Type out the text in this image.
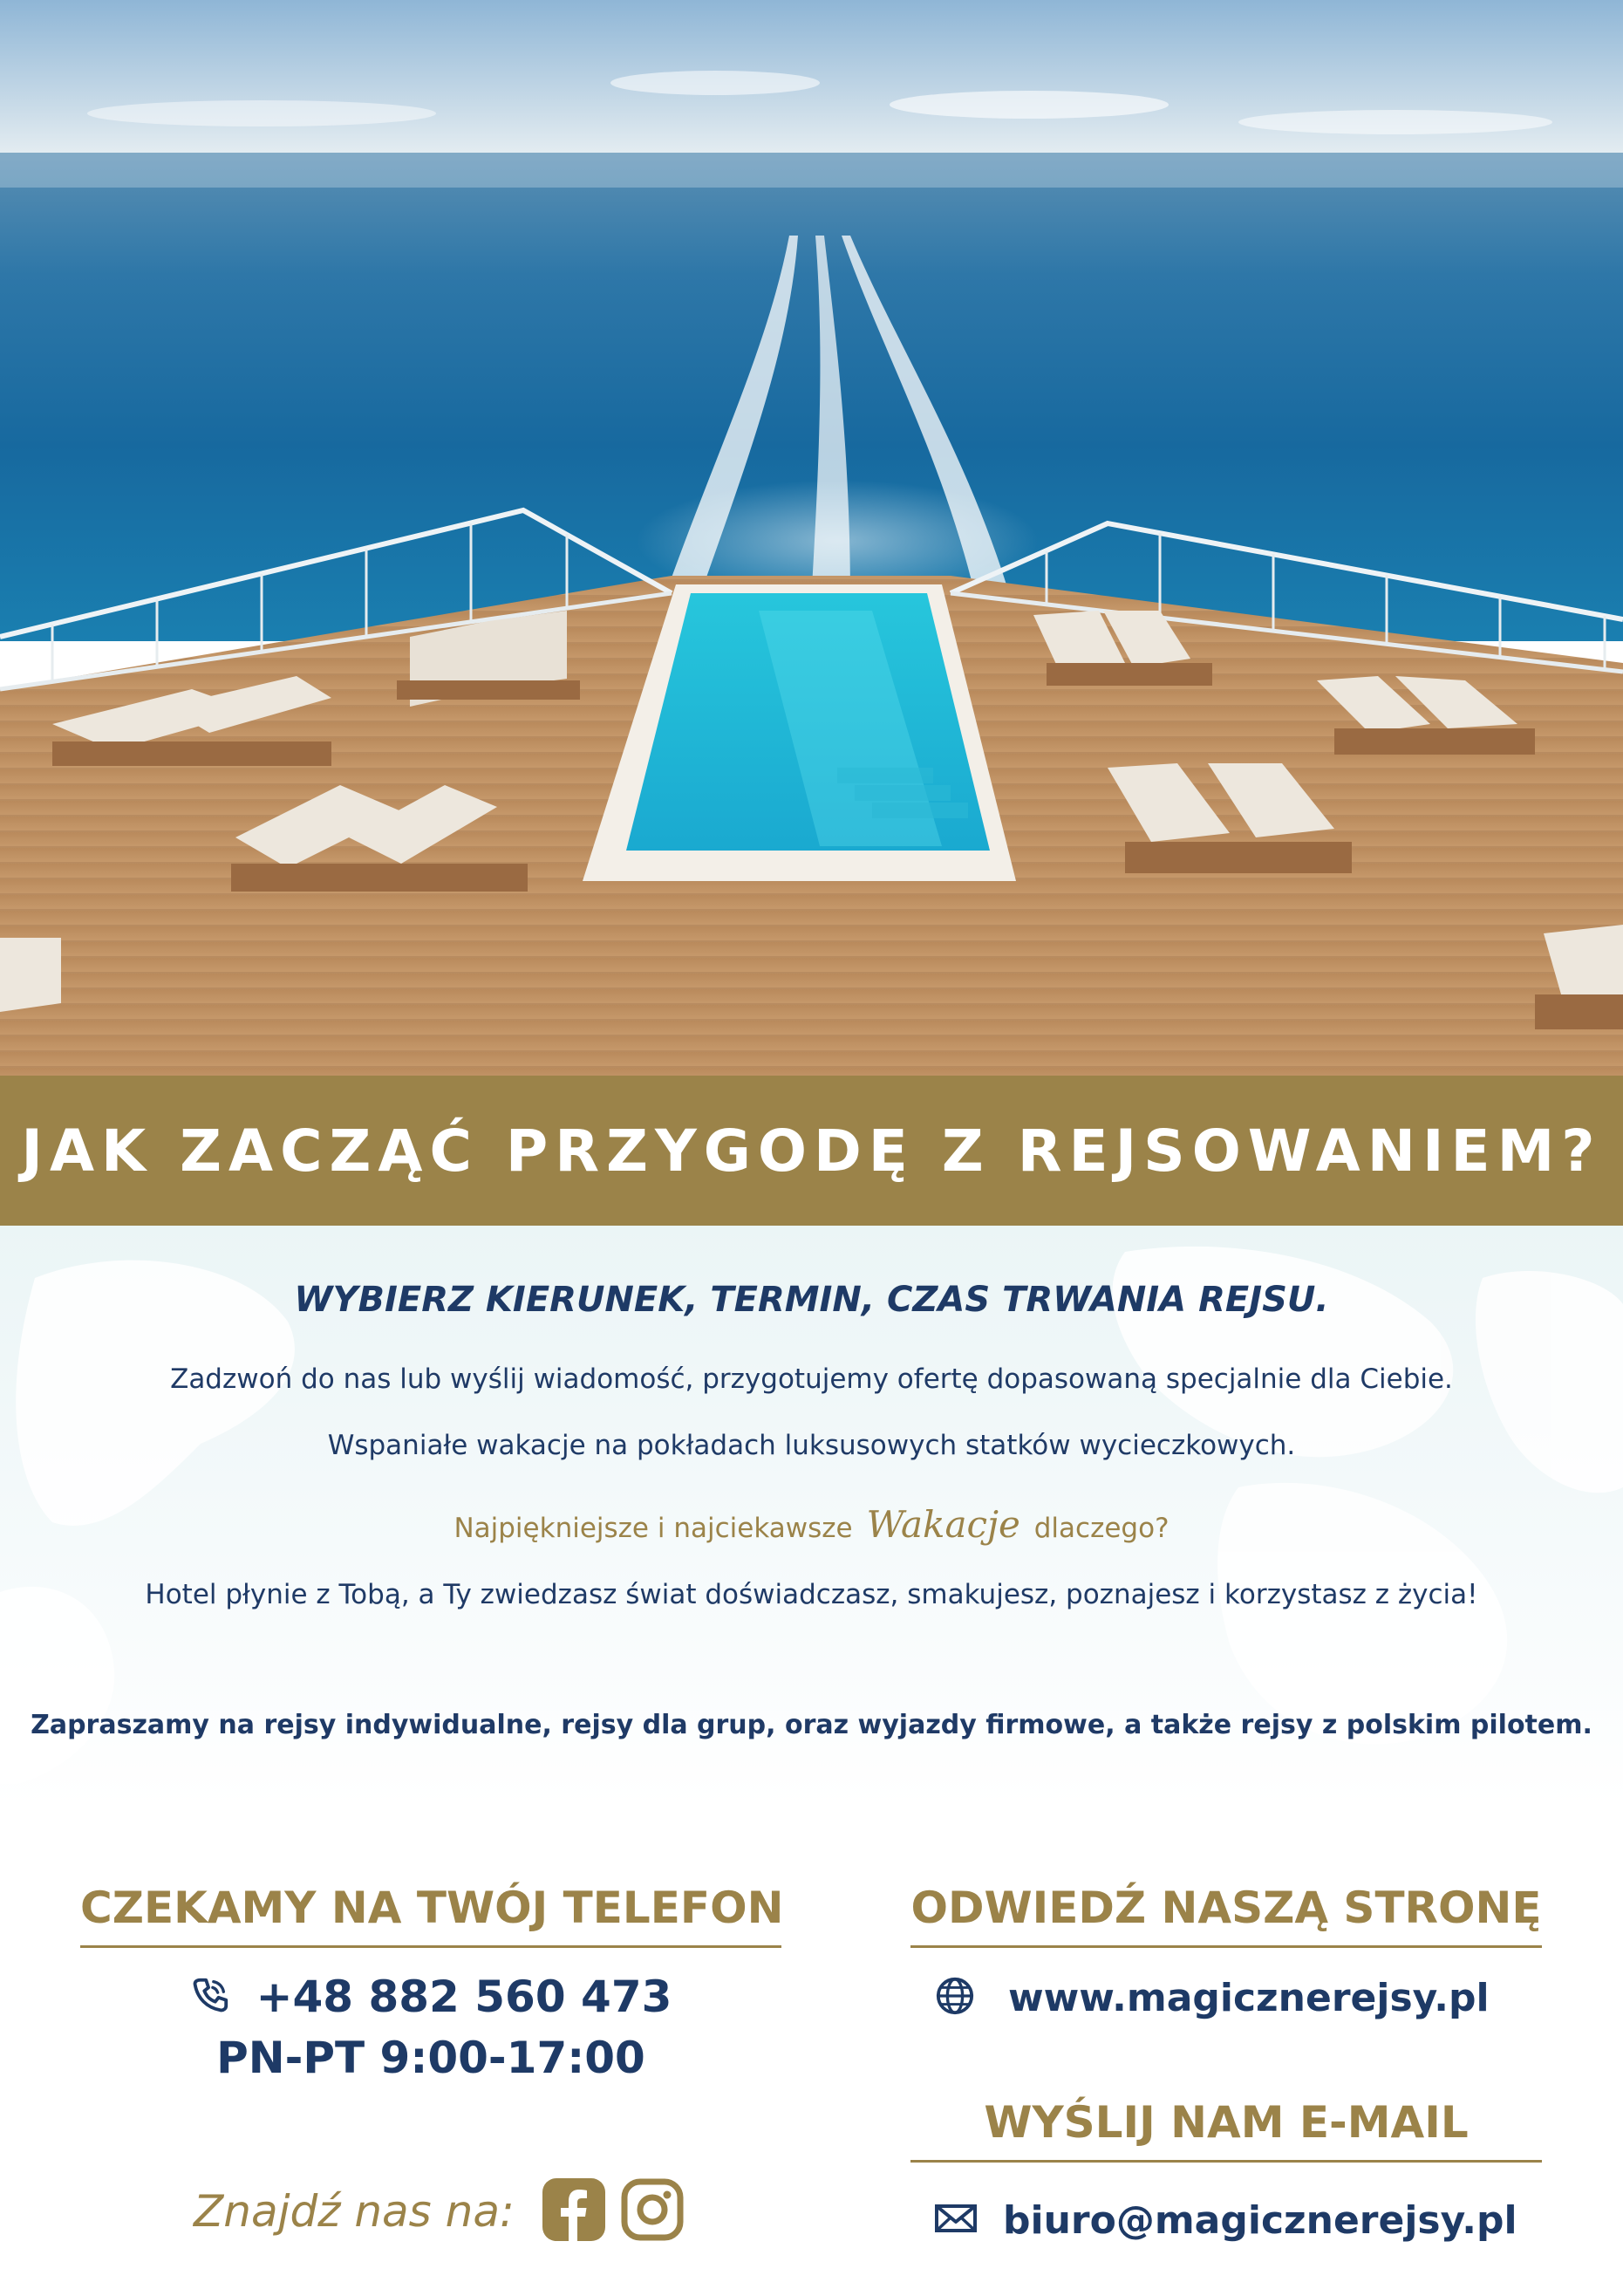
JAK ZACZĄĆ PRZYGODĘ Z REJSOWANIEM?
WYBIERZ KIERUNEK, TERMIN, CZAS TRWANIA REJSU.
Zadzwoń do nas lub wyślij wiadomość, przygotujemy ofertę dopasowaną specjalnie dla Ciebie.
Wspaniałe wakacje na pokładach luksusowych statków wycieczkowych.
Najpiękniejsze i najciekawsze Wakacje dlaczego?
Hotel płynie z Tobą, a Ty zwiedzasz świat doświadczasz, smakujesz, poznajesz i korzystasz z życia!
Zapraszamy na rejsy indywidualne, rejsy dla grup, oraz wyjazdy firmowe, a także rejsy z polskim pilotem.
CZEKAMY NA TWÓJ TELEFON
+48 882 560 473
PN-PT 9:00-17:00
Znajdź nas na:
ODWIEDŹ NASZĄ STRONĘ
www.magicznerejsy.pl
WYŚLIJ NAM E-MAIL
biuro@magicznerejsy.pl
